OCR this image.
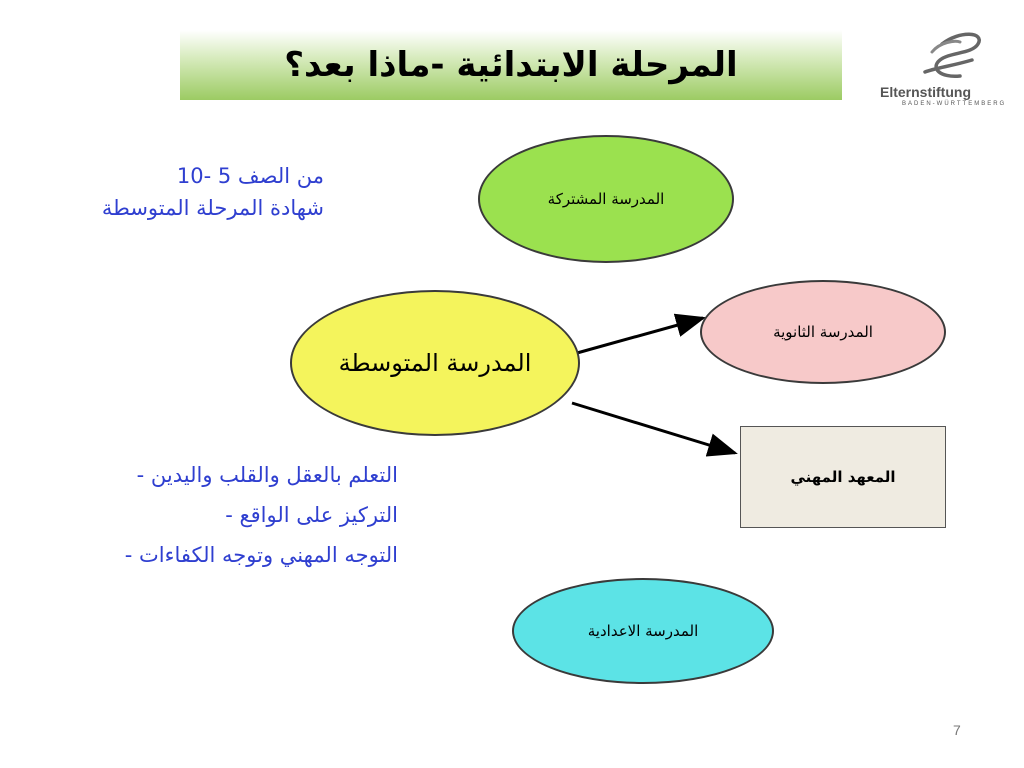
المرحلة الابتدائية -ماذا بعد؟
Elternstiftung
BADEN-WÜRTTEMBERG
من الصف 5 -10
شهادة المرحلة المتوسطة
التعلم بالعقل والقلب واليدين -
التركيز على الواقع -
التوجه المهني وتوجه الكفاءات -
المدرسة المشتركة
المدرسة المتوسطة
المدرسة الثانوية
المعهد المهني
المدرسة الاعدادية
7
